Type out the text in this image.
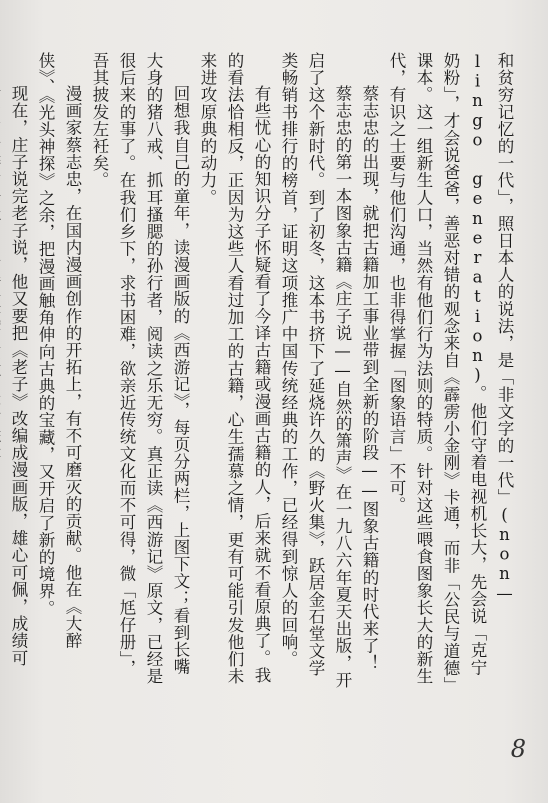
和贫穷记忆的一代」，照日本人的说法，是「非文字的一代」(non—lingo generation)。他们守着电视机长大，先会说「克宁奶粉」，才会说爸爸，善恶对错的观念来自《霹雳小金刚》卡通，而非「公民与道德」课本。这一组新生人口，当然有他们行为法则的特质。针对这些喂食图象长大的新生代，有识之士要与他们沟通，也非得掌握「图象语言」不可。

蔡志忠的出现，就把古籍加工事业带到全新的阶段——图象古籍的时代来了！

蔡志忠的第一本图象古籍《庄子说——自然的箫声》在一九八六年夏天出版，开启了这个新时代。到了初冬，这本书挤下了延烧许久的《野火集》，跃居金石堂文学类畅销书排行的榜首，证明这项推广中国传统经典的工作，已经得到惊人的回响。

有些忧心的知识分子怀疑看了今译古籍或漫画古籍的人，后来就不看原典了。我的看法恰相反，正因为这些人看过加工的古籍，心生孺慕之情，更有可能引发他们未来进攻原典的动力。

回想我自己的童年，读漫画版的《西游记》，每页分两栏，上图下文；看到长嘴大身的猪八戒、抓耳搔腮的孙行者，阅读之乐无穷。真正读《西游记》原文，已经是很后来的事了。在我们乡下，求书困难，欲亲近传统文化而不可得，微「尪仔册」，吾其披发左衽矣。

漫画家蔡志忠，在国内漫画创作的开拓上，有不可磨灭的贡献。他在《大醉侠》、《光头神探》之余，把漫画触角伸向古典的宝藏，又开启了新的境界。

现在，庄子说完老子说，他又要把《老子》改编成漫画版，雄心可佩，成绩可

8
